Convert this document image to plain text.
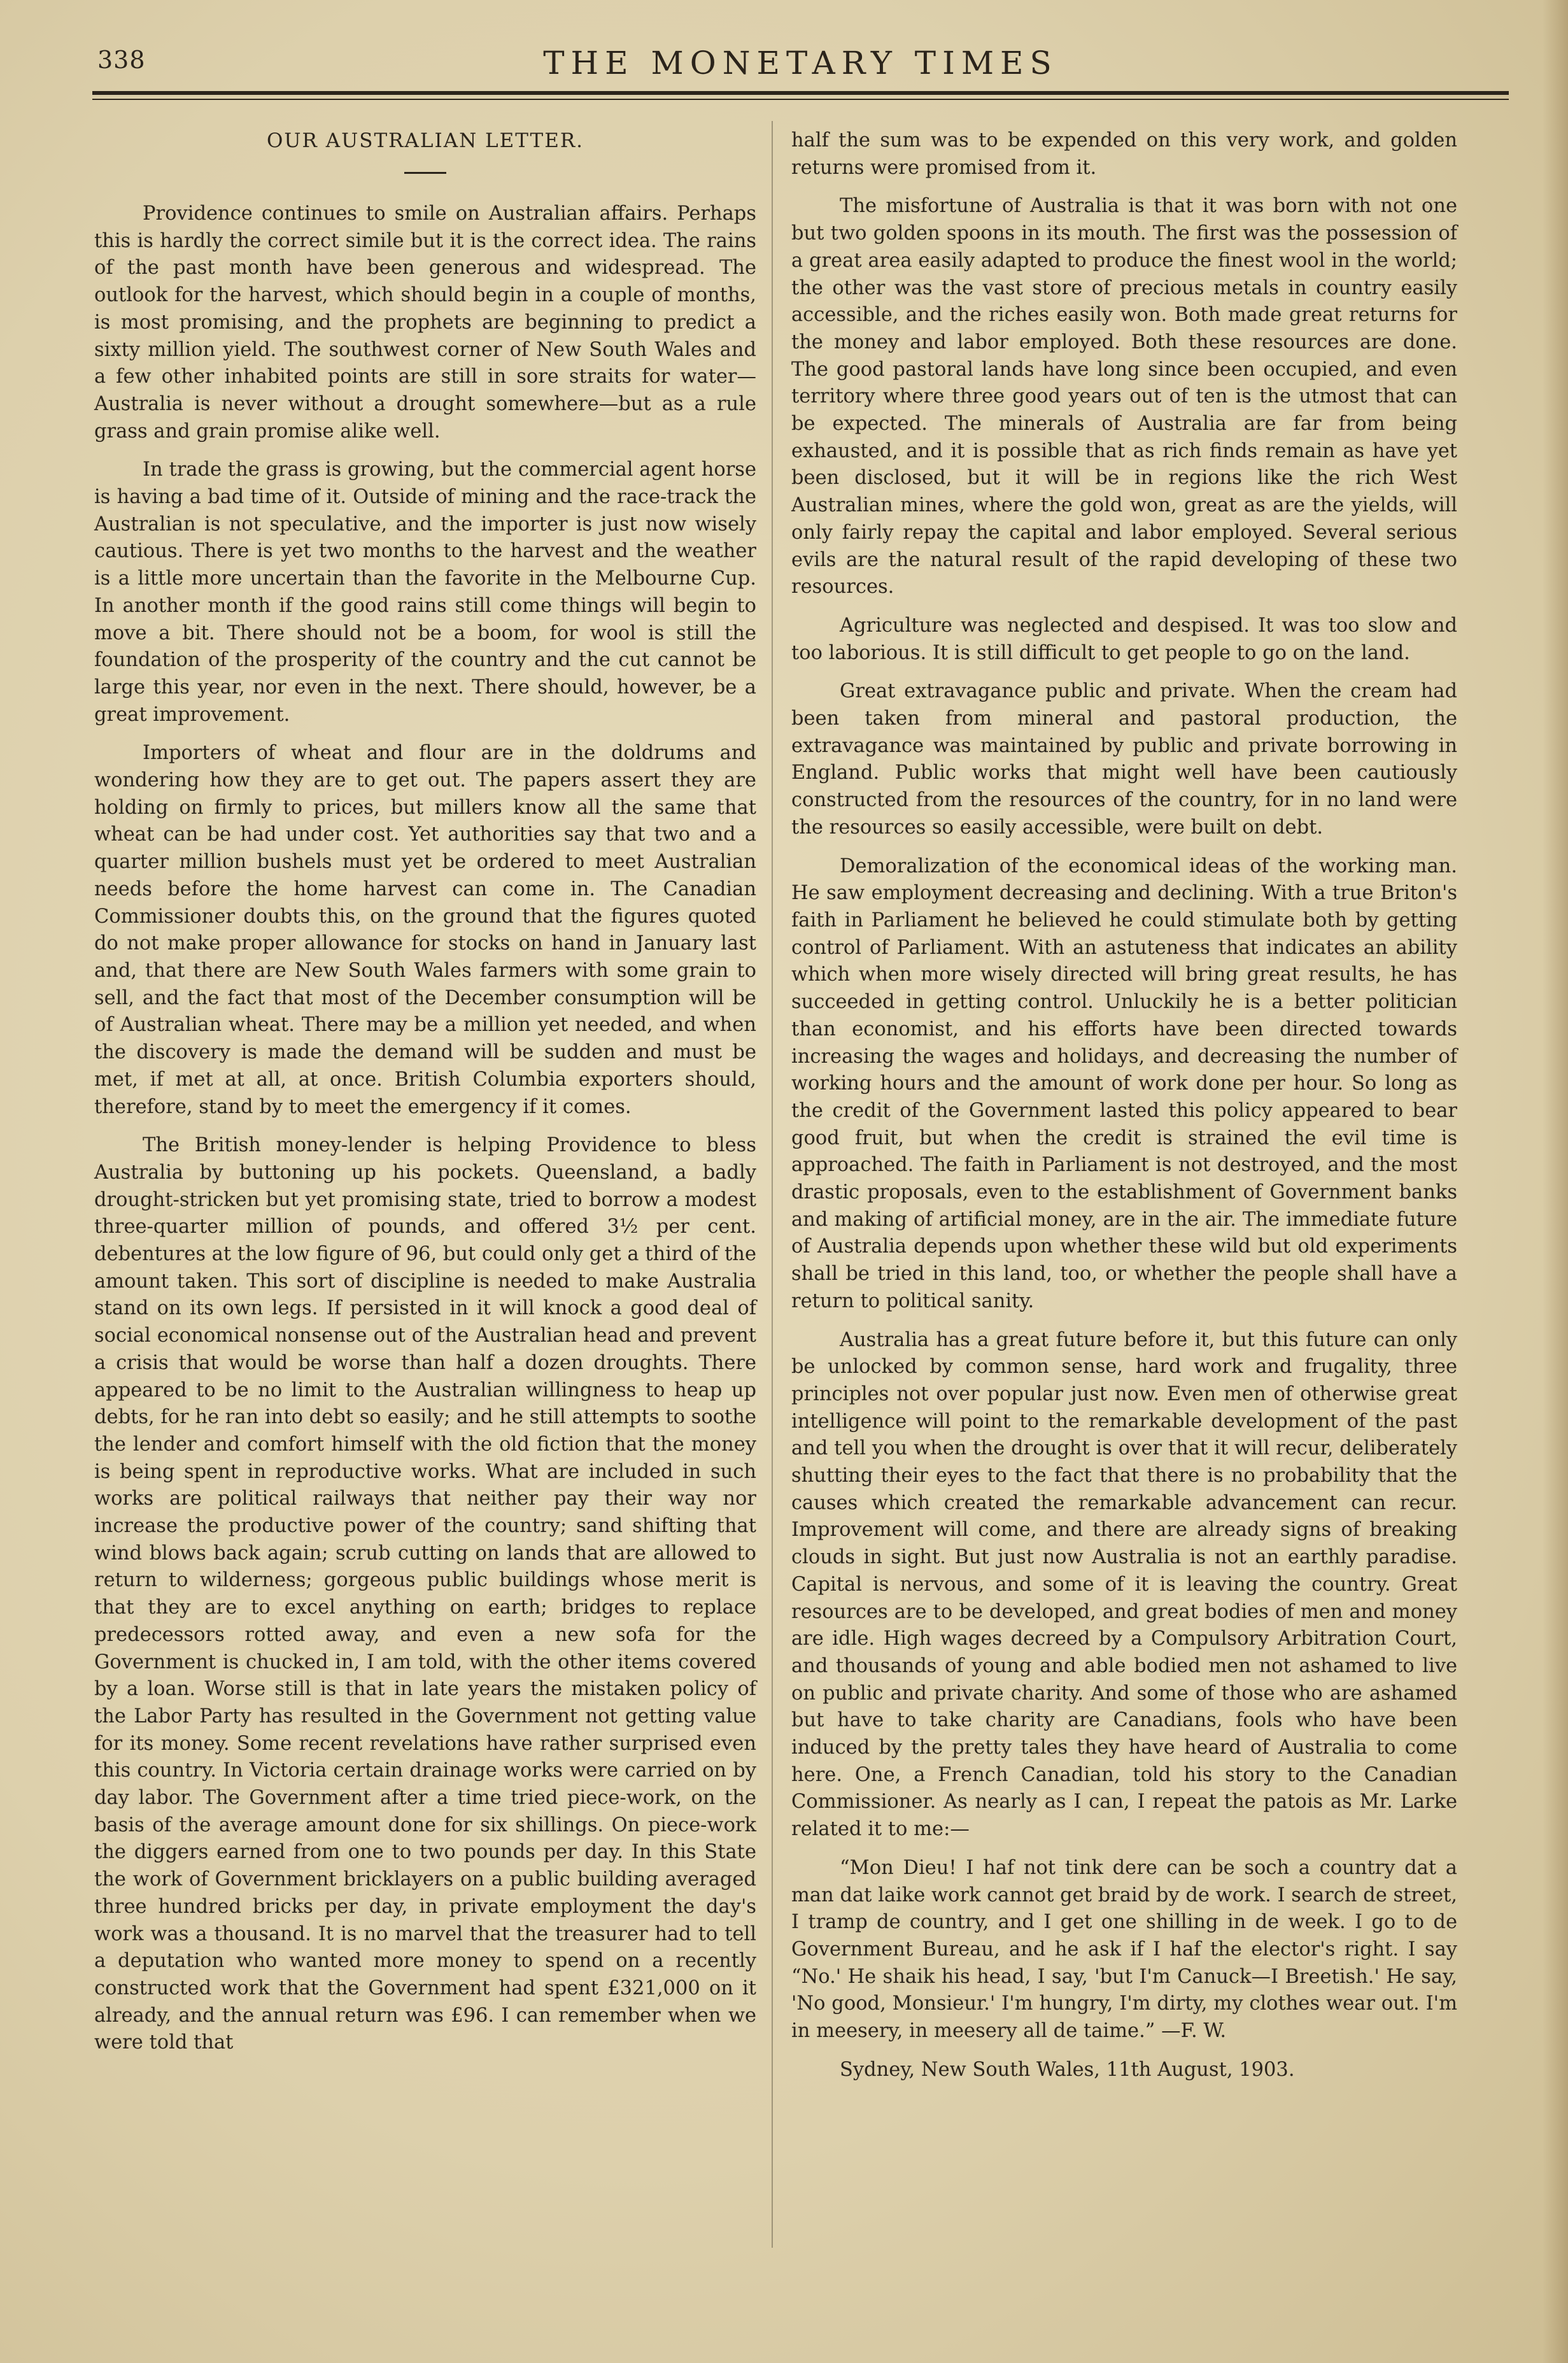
338	THE MONETARY TIMES
OUR AUSTRALIAN LETTER.

Providence continues to smile on Australian affairs. Perhaps this is hardly the correct simile but it is the correct idea. The rains of the past month have been generous and widespread. The outlook for the harvest, which should begin in a couple of months, is most promising, and the prophets are beginning to predict a sixty million yield. The southwest corner of New South Wales and a few other inhabited points are still in sore straits for water—Australia is never without a drought somewhere—but as a rule grass and grain promise alike well.

In trade the grass is growing, but the commercial agent horse is having a bad time of it. Outside of mining and the race-track the Australian is not speculative, and the importer is just now wisely cautious. There is yet two months to the harvest and the weather is a little more uncertain than the favorite in the Melbourne Cup. In another month if the good rains still come things will begin to move a bit. There should not be a boom, for wool is still the foundation of the prosperity of the country and the cut cannot be large this year, nor even in the next. There should, however, be a great improvement.

Importers of wheat and flour are in the doldrums and wondering how they are to get out. The papers assert they are holding on firmly to prices, but millers know all the same that wheat can be had under cost. Yet authorities say that two and a quarter million bushels must yet be ordered to meet Australian needs before the home harvest can come in. The Canadian Commissioner doubts this, on the ground that the figures quoted do not make proper allowance for stocks on hand in January last and, that there are New South Wales farmers with some grain to sell, and the fact that most of the December consumption will be of Australian wheat. There may be a million yet needed, and when the discovery is made the demand will be sudden and must be met, if met at all, at once. British Columbia exporters should, therefore, stand by to meet the emergency if it comes.

The British money-lender is helping Providence to bless Australia by buttoning up his pockets. Queensland, a badly drought-stricken but yet promising state, tried to borrow a modest three-quarter million of pounds, and offered 3½ per cent. debentures at the low figure of 96, but could only get a third of the amount taken. This sort of discipline is needed to make Australia stand on its own legs. If persisted in it will knock a good deal of social economical nonsense out of the Australian head and prevent a crisis that would be worse than half a dozen droughts. There appeared to be no limit to the Australian willingness to heap up debts, for he ran into debt so easily; and he still attempts to soothe the lender and comfort himself with the old fiction that the money is being spent in reproductive works. What are included in such works are political railways that neither pay their way nor increase the productive power of the country; sand shifting that wind blows back again; scrub cutting on lands that are allowed to return to wilderness; gorgeous public buildings whose merit is that they are to excel anything on earth; bridges to replace predecessors rotted away, and even a new sofa for the Government is chucked in, I am told, with the other items covered by a loan. Worse still is that in late years the mistaken policy of the Labor Party has resulted in the Government not getting value for its money. Some recent revelations have rather surprised even this country. In Victoria certain drainage works were carried on by day labor. The Government after a time tried piece-work, on the basis of the average amount done for six shillings. On piece-work the diggers earned from one to two pounds per day. In this State the work of Government bricklayers on a public building averaged three hundred bricks per day, in private employment the day's work was a thousand. It is no marvel that the treasurer had to tell a deputation who wanted more money to spend on a recently constructed work that the Government had spent £321,000 on it already, and the annual return was £96. I can remember when we were told that

half the sum was to be expended on this very work, and golden returns were promised from it.

The misfortune of Australia is that it was born with not one but two golden spoons in its mouth. The first was the possession of a great area easily adapted to produce the finest wool in the world; the other was the vast store of precious metals in country easily accessible, and the riches easily won. Both made great returns for the money and labor employed. Both these resources are done. The good pastoral lands have long since been occupied, and even territory where three good years out of ten is the utmost that can be expected. The minerals of Australia are far from being exhausted, and it is possible that as rich finds remain as have yet been disclosed, but it will be in regions like the rich West Australian mines, where the gold won, great as are the yields, will only fairly repay the capital and labor employed. Several serious evils are the natural result of the rapid developing of these two resources.

Agriculture was neglected and despised. It was too slow and too laborious. It is still difficult to get people to go on the land.

Great extravagance public and private. When the cream had been taken from mineral and pastoral production, the extravagance was maintained by public and private borrowing in England. Public works that might well have been cautiously constructed from the resources of the country, for in no land were the resources so easily accessible, were built on debt.

Demoralization of the economical ideas of the working man. He saw employment decreasing and declining. With a true Briton's faith in Parliament he believed he could stimulate both by getting control of Parliament. With an astuteness that indicates an ability which when more wisely directed will bring great results, he has succeeded in getting control. Unluckily he is a better politician than economist, and his efforts have been directed towards increasing the wages and holidays, and decreasing the number of working hours and the amount of work done per hour. So long as the credit of the Government lasted this policy appeared to bear good fruit, but when the credit is strained the evil time is approached. The faith in Parliament is not destroyed, and the most drastic proposals, even to the establishment of Government banks and making of artificial money, are in the air. The immediate future of Australia depends upon whether these wild but old experiments shall be tried in this land, too, or whether the people shall have a return to political sanity.

Australia has a great future before it, but this future can only be unlocked by common sense, hard work and frugality, three principles not over popular just now. Even men of otherwise great intelligence will point to the remarkable development of the past and tell you when the drought is over that it will recur, deliberately shutting their eyes to the fact that there is no probability that the causes which created the remarkable advancement can recur. Improvement will come, and there are already signs of breaking clouds in sight. But just now Australia is not an earthly paradise. Capital is nervous, and some of it is leaving the country. Great resources are to be developed, and great bodies of men and money are idle. High wages decreed by a Compulsory Arbitration Court, and thousands of young and able bodied men not ashamed to live on public and private charity. And some of those who are ashamed but have to take charity are Canadians, fools who have been induced by the pretty tales they have heard of Australia to come here. One, a French Canadian, told his story to the Canadian Commissioner. As nearly as I can, I repeat the patois as Mr. Larke related it to me:—

“Mon Dieu! I haf not tink dere can be soch a country dat a man dat laike work cannot get braid by de work. I search de street, I tramp de country, and I get one shilling in de week. I go to de Government Bureau, and he ask if I haf the elector's right. I say “No.' He shaik his head, I say, 'but I'm Canuck—I Breetish.' He say, 'No good, Monsieur.' I'm hungry, I'm dirty, my clothes wear out. I'm in meesery, in meesery all de taime.” —F. W.

Sydney, New South Wales, 11th August, 1903.
